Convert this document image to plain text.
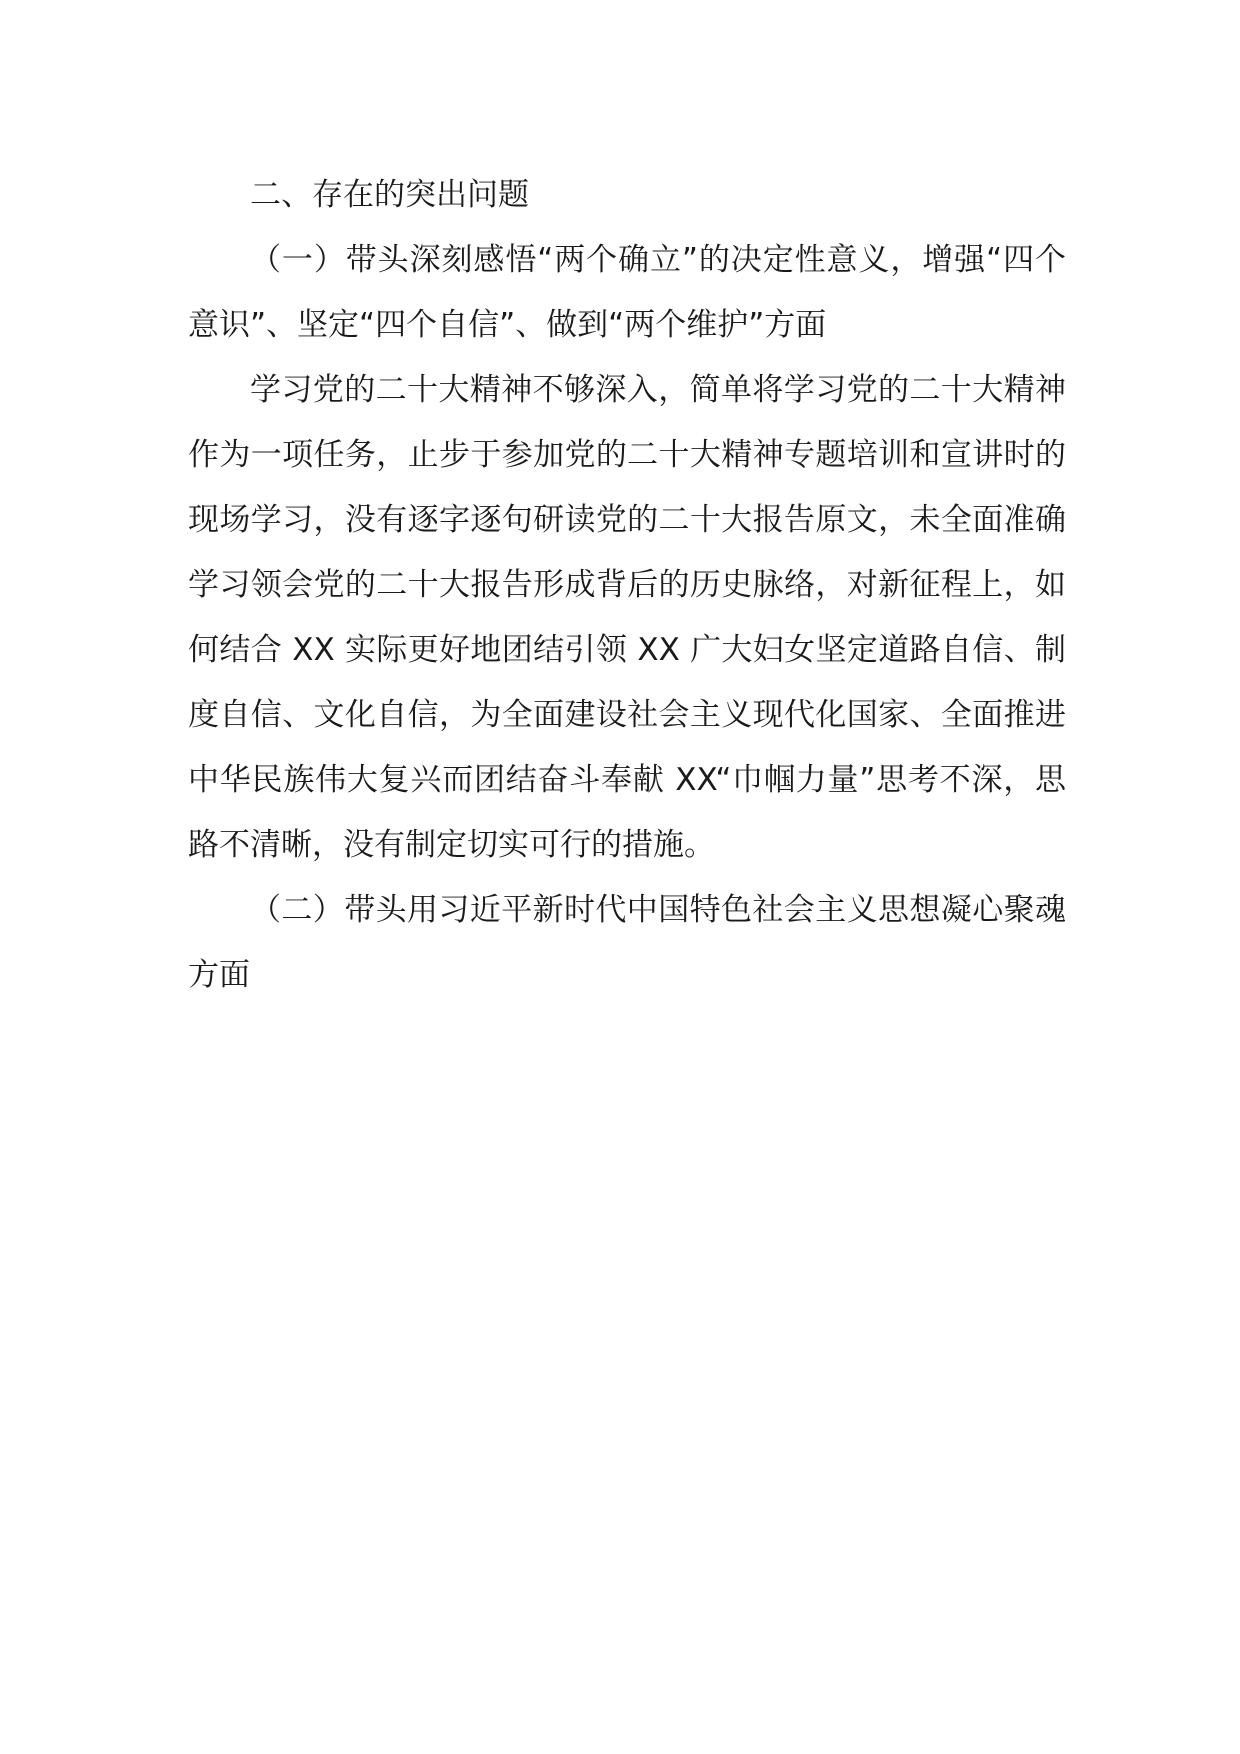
二、存在的突出问题

（一）带头深刻感悟“两个确立”的决定性意义，增强“四个意识”、坚定“四个自信”、做到“两个维护”方面

学习党的二十大精神不够深入，简单将学习党的二十大精神作为一项任务，止步于参加党的二十大精神专题培训和宣讲时的现场学习，没有逐字逐句研读党的二十大报告原文，未全面准确学习领会党的二十大报告形成背后的历史脉络，对新征程上，如何结合 XX 实际更好地团结引领 XX 广大妇女坚定道路自信、制度自信、文化自信，为全面建设社会主义现代化国家、全面推进中华民族伟大复兴而团结奋斗奉献 XX“巾帼力量”思考不深，思路不清晰，没有制定切实可行的措施。

（二）带头用习近平新时代中国特色社会主义思想凝心聚魂方面
